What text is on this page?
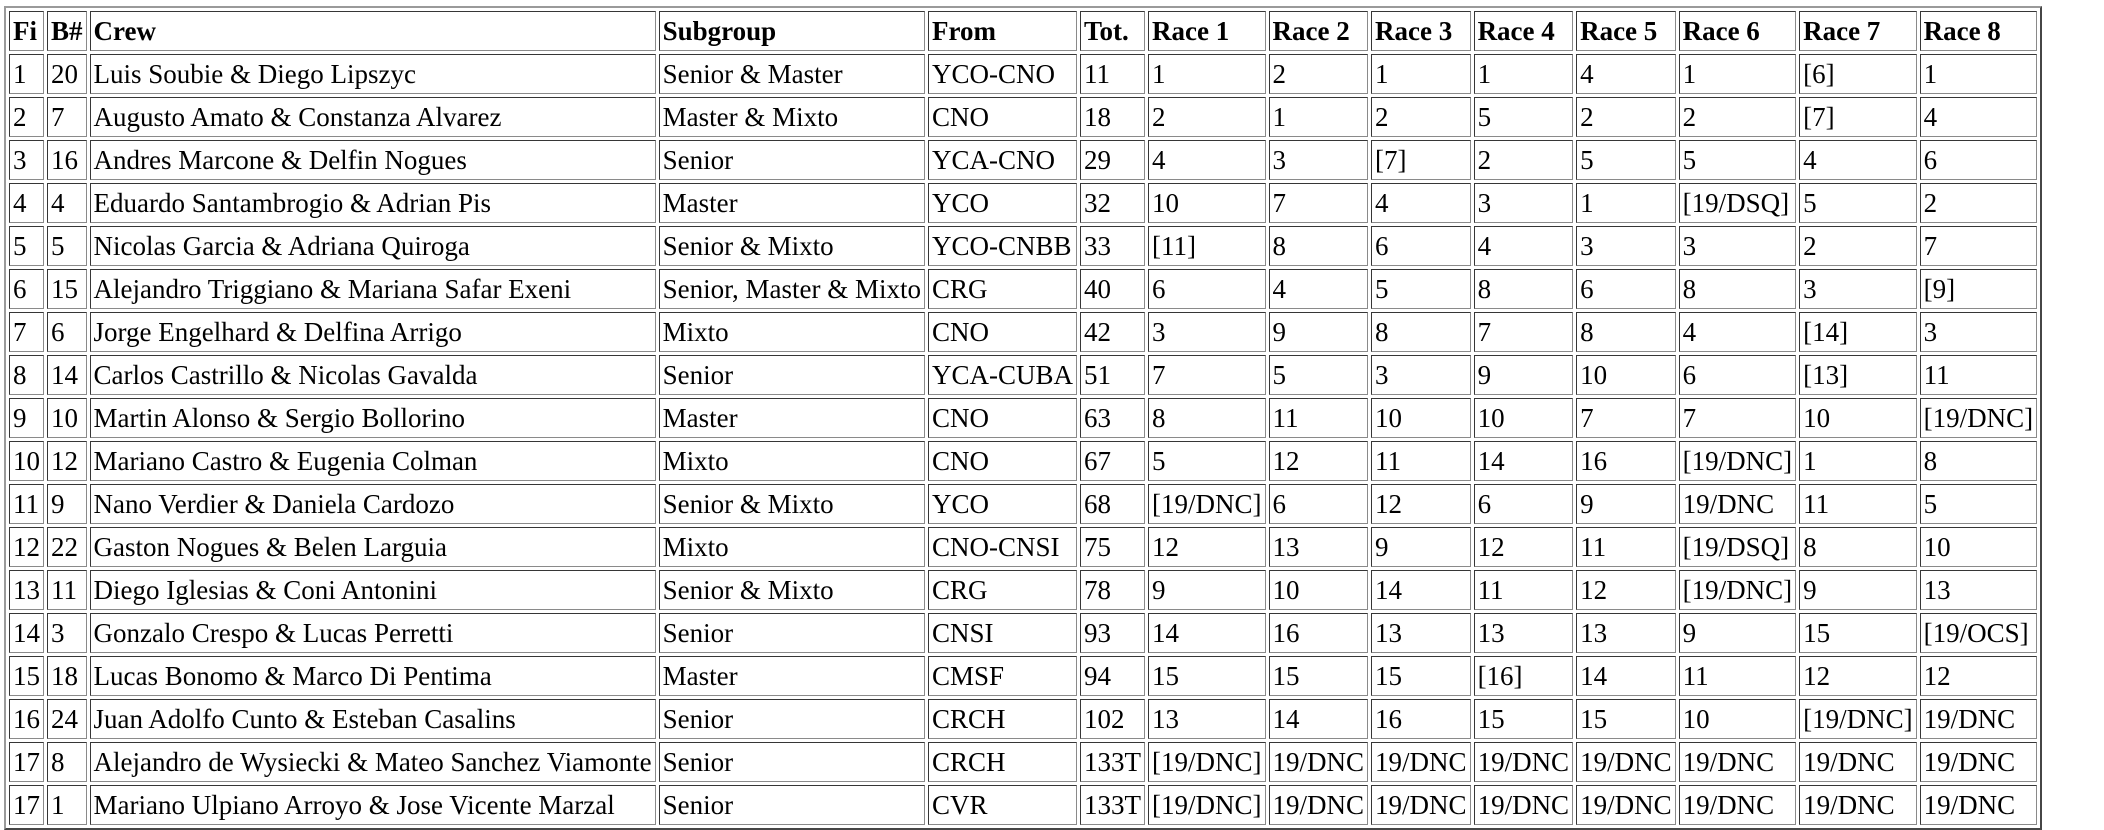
Fi	B#	Crew	Subgroup	From	Tot.	Race 1	Race 2	Race 3	Race 4	Race 5	Race 6	Race 7	Race 8
1	20	Luis Soubie & Diego Lipszyc	Senior & Master	YCO-CNO	11	1	2	1	1	4	1	[6]	1
2	7	Augusto Amato & Constanza Alvarez	Master & Mixto	CNO	18	2	1	2	5	2	2	[7]	4
3	16	Andres Marcone & Delfin Nogues	Senior	YCA-CNO	29	4	3	[7]	2	5	5	4	6
4	4	Eduardo Santambrogio & Adrian Pis	Master	YCO	32	10	7	4	3	1	[19/DSQ]	5	2
5	5	Nicolas Garcia & Adriana Quiroga	Senior & Mixto	YCO-CNBB	33	[11]	8	6	4	3	3	2	7
6	15	Alejandro Triggiano & Mariana Safar Exeni	Senior, Master & Mixto	CRG	40	6	4	5	8	6	8	3	[9]
7	6	Jorge Engelhard & Delfina Arrigo	Mixto	CNO	42	3	9	8	7	8	4	[14]	3
8	14	Carlos Castrillo & Nicolas Gavalda	Senior	YCA-CUBA	51	7	5	3	9	10	6	[13]	11
9	10	Martin Alonso & Sergio Bollorino	Master	CNO	63	8	11	10	10	7	7	10	[19/DNC]
10	12	Mariano Castro & Eugenia Colman	Mixto	CNO	67	5	12	11	14	16	[19/DNC]	1	8
11	9	Nano Verdier & Daniela Cardozo	Senior & Mixto	YCO	68	[19/DNC]	6	12	6	9	19/DNC	11	5
12	22	Gaston Nogues & Belen Larguia	Mixto	CNO-CNSI	75	12	13	9	12	11	[19/DSQ]	8	10
13	11	Diego Iglesias & Coni Antonini	Senior & Mixto	CRG	78	9	10	14	11	12	[19/DNC]	9	13
14	3	Gonzalo Crespo & Lucas Perretti	Senior	CNSI	93	14	16	13	13	13	9	15	[19/OCS]
15	18	Lucas Bonomo & Marco Di Pentima	Master	CMSF	94	15	15	15	[16]	14	11	12	12
16	24	Juan Adolfo Cunto & Esteban Casalins	Senior	CRCH	102	13	14	16	15	15	10	[19/DNC]	19/DNC
17	8	Alejandro de Wysiecki & Mateo Sanchez Viamonte	Senior	CRCH	133T	[19/DNC]	19/DNC	19/DNC	19/DNC	19/DNC	19/DNC	19/DNC	19/DNC
17	1	Mariano Ulpiano Arroyo & Jose Vicente Marzal	Senior	CVR	133T	[19/DNC]	19/DNC	19/DNC	19/DNC	19/DNC	19/DNC	19/DNC	19/DNC
